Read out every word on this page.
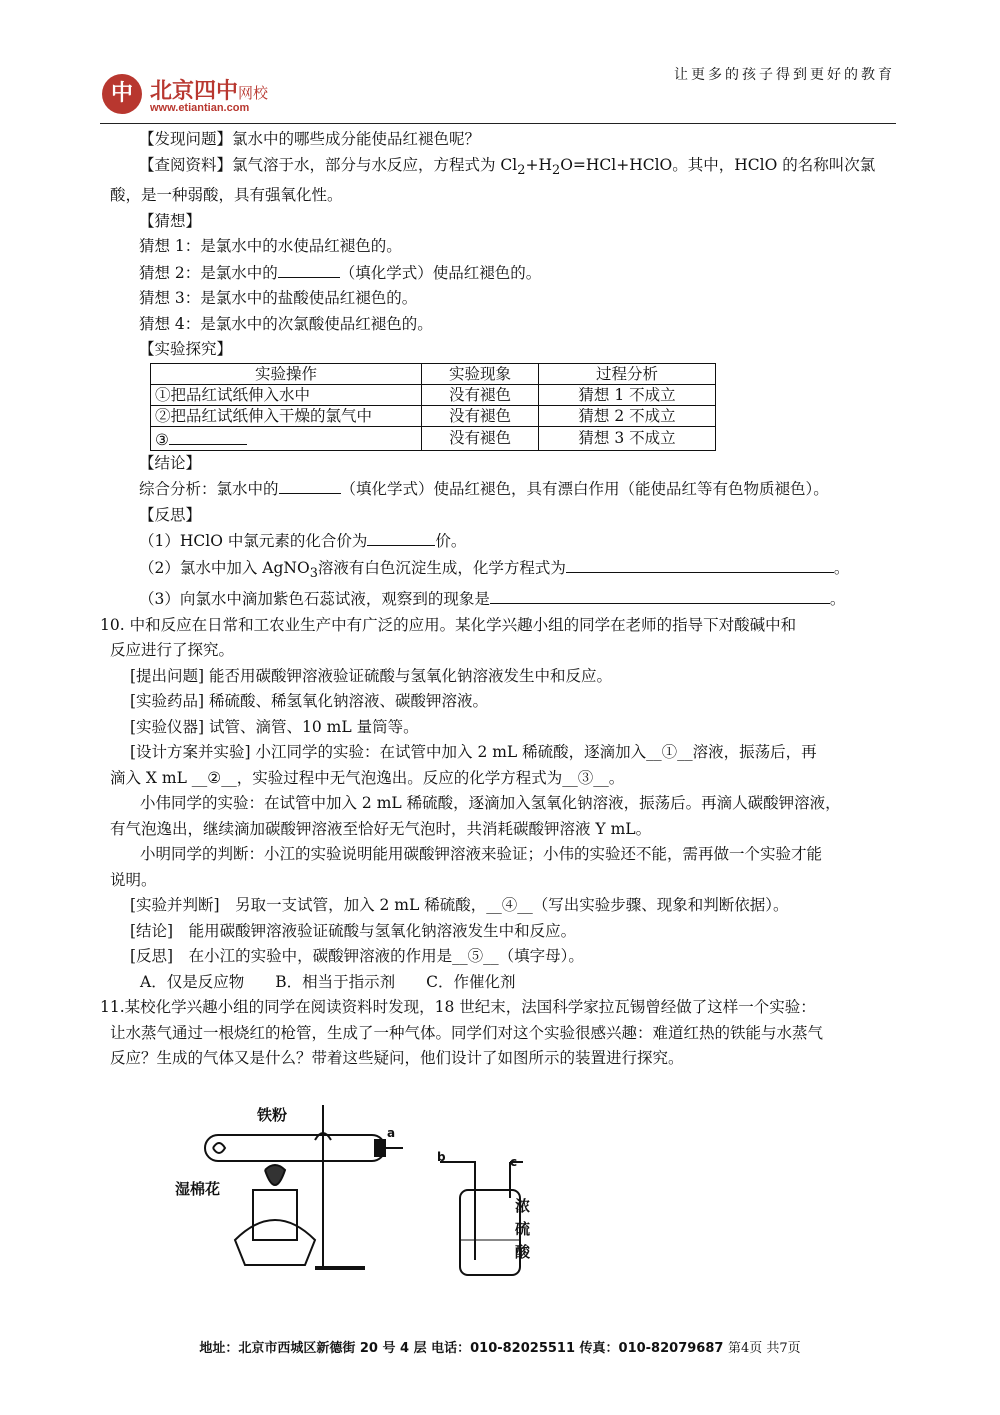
中 北京四中网校
www.etiantian.com
让更多的孩子得到更好的教育

【发现问题】氯水中的哪些成分能使品红褪色呢？

【查阅资料】氯气溶于水，部分与水反应，方程式为 $Cl_2+H_2O=HCl+HClO$。其中，HClO 的名称叫次氯

酸，是一种弱酸，具有强氧化性。

【猜想】

猜想 1：是氯水中的水使品红褪色的。

猜想 2：是氯水中的	（填化学式）使品红褪色的。

猜想 3：是氯水中的盐酸使品红褪色的。

猜想 4：是氯水中的次氯酸使品红褪色的。

【实验探究】

实验操作	实验现象	过程分析
①把品红试纸伸入水中	没有褪色	猜想 1 不成立
②把品红试纸伸入干燥的氯气中	没有褪色	猜想 2 不成立
③	没有褪色	猜想 3 不成立

【结论】

综合分析：氯水中的	（填化学式）使品红褪色，具有漂白作用（能使品红等有色物质褪色）。

【反思】

（1）HClO 中氯元素的化合价为	价。

（2）氯水中加入 AgNO$_3$溶液有白色沉淀生成，化学方程式为	。

（3）向氯水中滴加紫色石蕊试液，观察到的现象是	。

10. 中和反应在日常和工农业生产中有广泛的应用。某化学兴趣小组的同学在老师的指导下对酸碱中和

反应进行了探究。

[提出问题] 能否用碳酸钾溶液验证硫酸与氢氧化钠溶液发生中和反应。

[实验药品] 稀硫酸、稀氢氧化钠溶液、碳酸钾溶液。

[实验仪器] 试管、滴管、10 mL 量筒等。

[设计方案并实验] 小江同学的实验：在试管中加入 2 mL 稀硫酸，逐滴加入__①__溶液，振荡后，再

滴入 X mL __②__，实验过程中无气泡逸出。反应的化学方程式为__③__。

小伟同学的实验：在试管中加入 2 mL 稀硫酸，逐滴加入氢氧化钠溶液，振荡后。再滴人碳酸钾溶液，

有气泡逸出，继续滴加碳酸钾溶液至恰好无气泡时，共消耗碳酸钾溶液 Y mL。

小明同学的判断：小江的实验说明能用碳酸钾溶液来验证；小伟的实验还不能，需再做一个实验才能

说明。

[实验并判断]　另取一支试管，加入 2 mL 稀硫酸，__④__（写出实验步骤、现象和判断依据）。

[结论]　能用碳酸钾溶液验证硫酸与氢氧化钠溶液发生中和反应。

[反思]　在小江的实验中，碳酸钾溶液的作用是__⑤__（填字母）。

A．仅是反应物　　B．相当于指示剂　　C．作催化剂

11.某校化学兴趣小组的同学在阅读资料时发现，18 世纪末，法国科学家拉瓦锡曾经做了这样一个实验：

让水蒸气通过一根烧红的枪管，生成了一种气体。同学们对这个实验很感兴趣：难道红热的铁能与水蒸气

反应？生成的气体又是什么？带着这些疑问，他们设计了如图所示的装置进行探究。

铁粉
湿棉花
a
b	c
浓
硫
酸
地址：北京市西城区新德街 20 号 4 层 电话：010-82025511 传真：010-82079687 第4页 共7页
